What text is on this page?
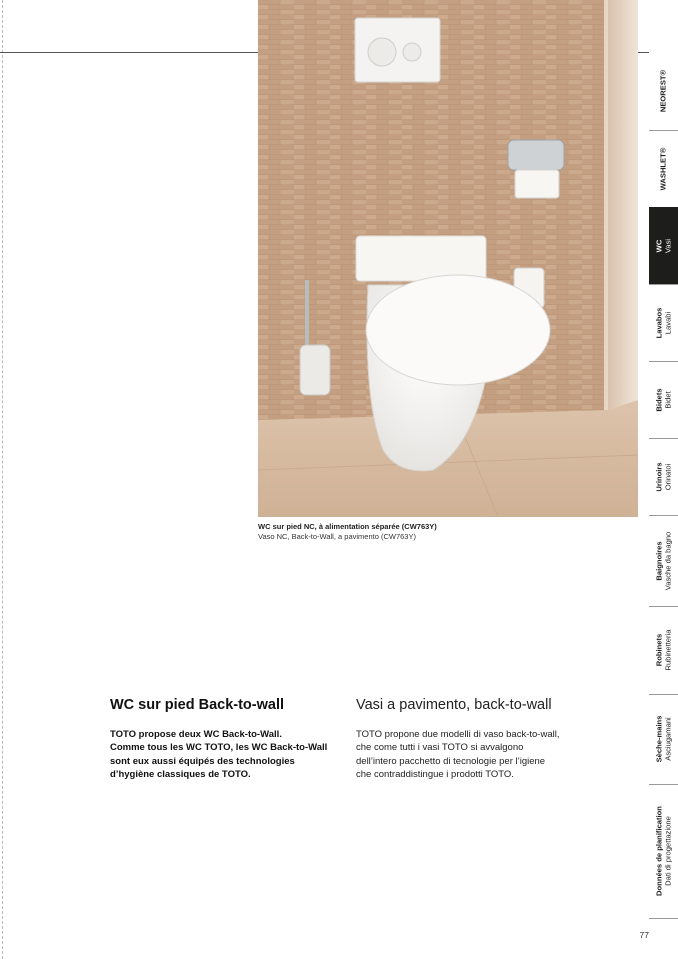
WC sur pied NC, à alimentation séparée (CW763Y)
Vaso NC, Back-to-Wall, a pavimento (CW763Y)
WC sur pied Back-to-wall	Vasi a pavimento, back-to-wall
TOTO propose deux WC Back-to-Wall.
Comme tous les WC TOTO, les WC Back-to-Wall
sont eux aussi équipés des technologies
d’hygiène classiques de TOTO.
TOTO propone due modelli di vaso back-to-wall,
che come tutti i vasi TOTO si avvalgono
dell’intero pacchetto di tecnologie per l’igiene
che contraddistingue i prodotti TOTO.
NEOREST®
WASHLET®
WC Vasi
Lavabos Lavabi
Bidets Bidet
Urinoirs Orinatoi
Baignoires Vasche da bagno
Robinets Rubinetteria
Sèche-mains Asciugamani
Données de planification Dati di progettazione
77
